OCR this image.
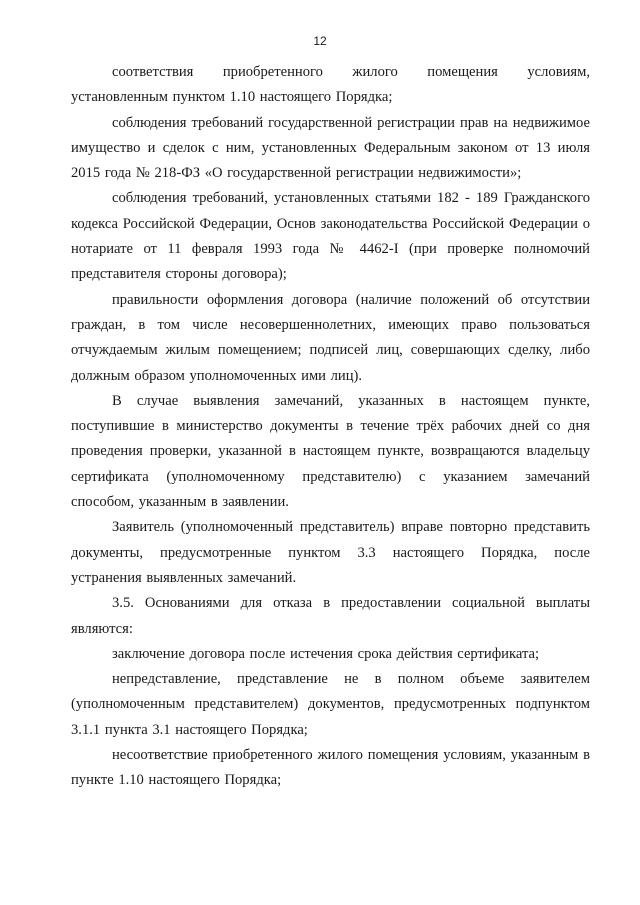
12

соответствия приобретенного жилого помещения условиям, установленным пунктом 1.10 настоящего Порядка;

соблюдения требований государственной регистрации прав на недвижимое имущество и сделок с ним, установленных Федеральным законом от 13 июля 2015 года № 218-ФЗ «О государственной регистрации недвижимости»;

соблюдения требований, установленных статьями 182 - 189 Гражданского кодекса Российской Федерации, Основ законодательства Российской Федерации о нотариате от 11 февраля 1993 года № 4462-I (при проверке полномочий представителя стороны договора);

правильности оформления договора (наличие положений об отсутствии граждан, в том числе несовершеннолетних, имеющих право пользоваться отчуждаемым жилым помещением; подписей лиц, совершающих сделку, либо должным образом уполномоченных ими лиц).

В случае выявления замечаний, указанных в настоящем пункте, поступившие в министерство документы в течение трёх рабочих дней со дня проведения проверки, указанной в настоящем пункте, возвращаются владельцу сертификата (уполномоченному представителю) с указанием замечаний способом, указанным в заявлении.

Заявитель (уполномоченный представитель) вправе повторно представить документы, предусмотренные пунктом 3.3 настоящего Порядка, после устранения выявленных замечаний.

3.5. Основаниями для отказа в предоставлении социальной выплаты являются:

заключение договора после истечения срока действия сертификата;

непредставление, представление не в полном объеме заявителем (уполномоченным представителем) документов, предусмотренных подпунктом 3.1.1 пункта 3.1 настоящего Порядка;

несоответствие приобретенного жилого помещения условиям, указанным в пункте 1.10 настоящего Порядка;
